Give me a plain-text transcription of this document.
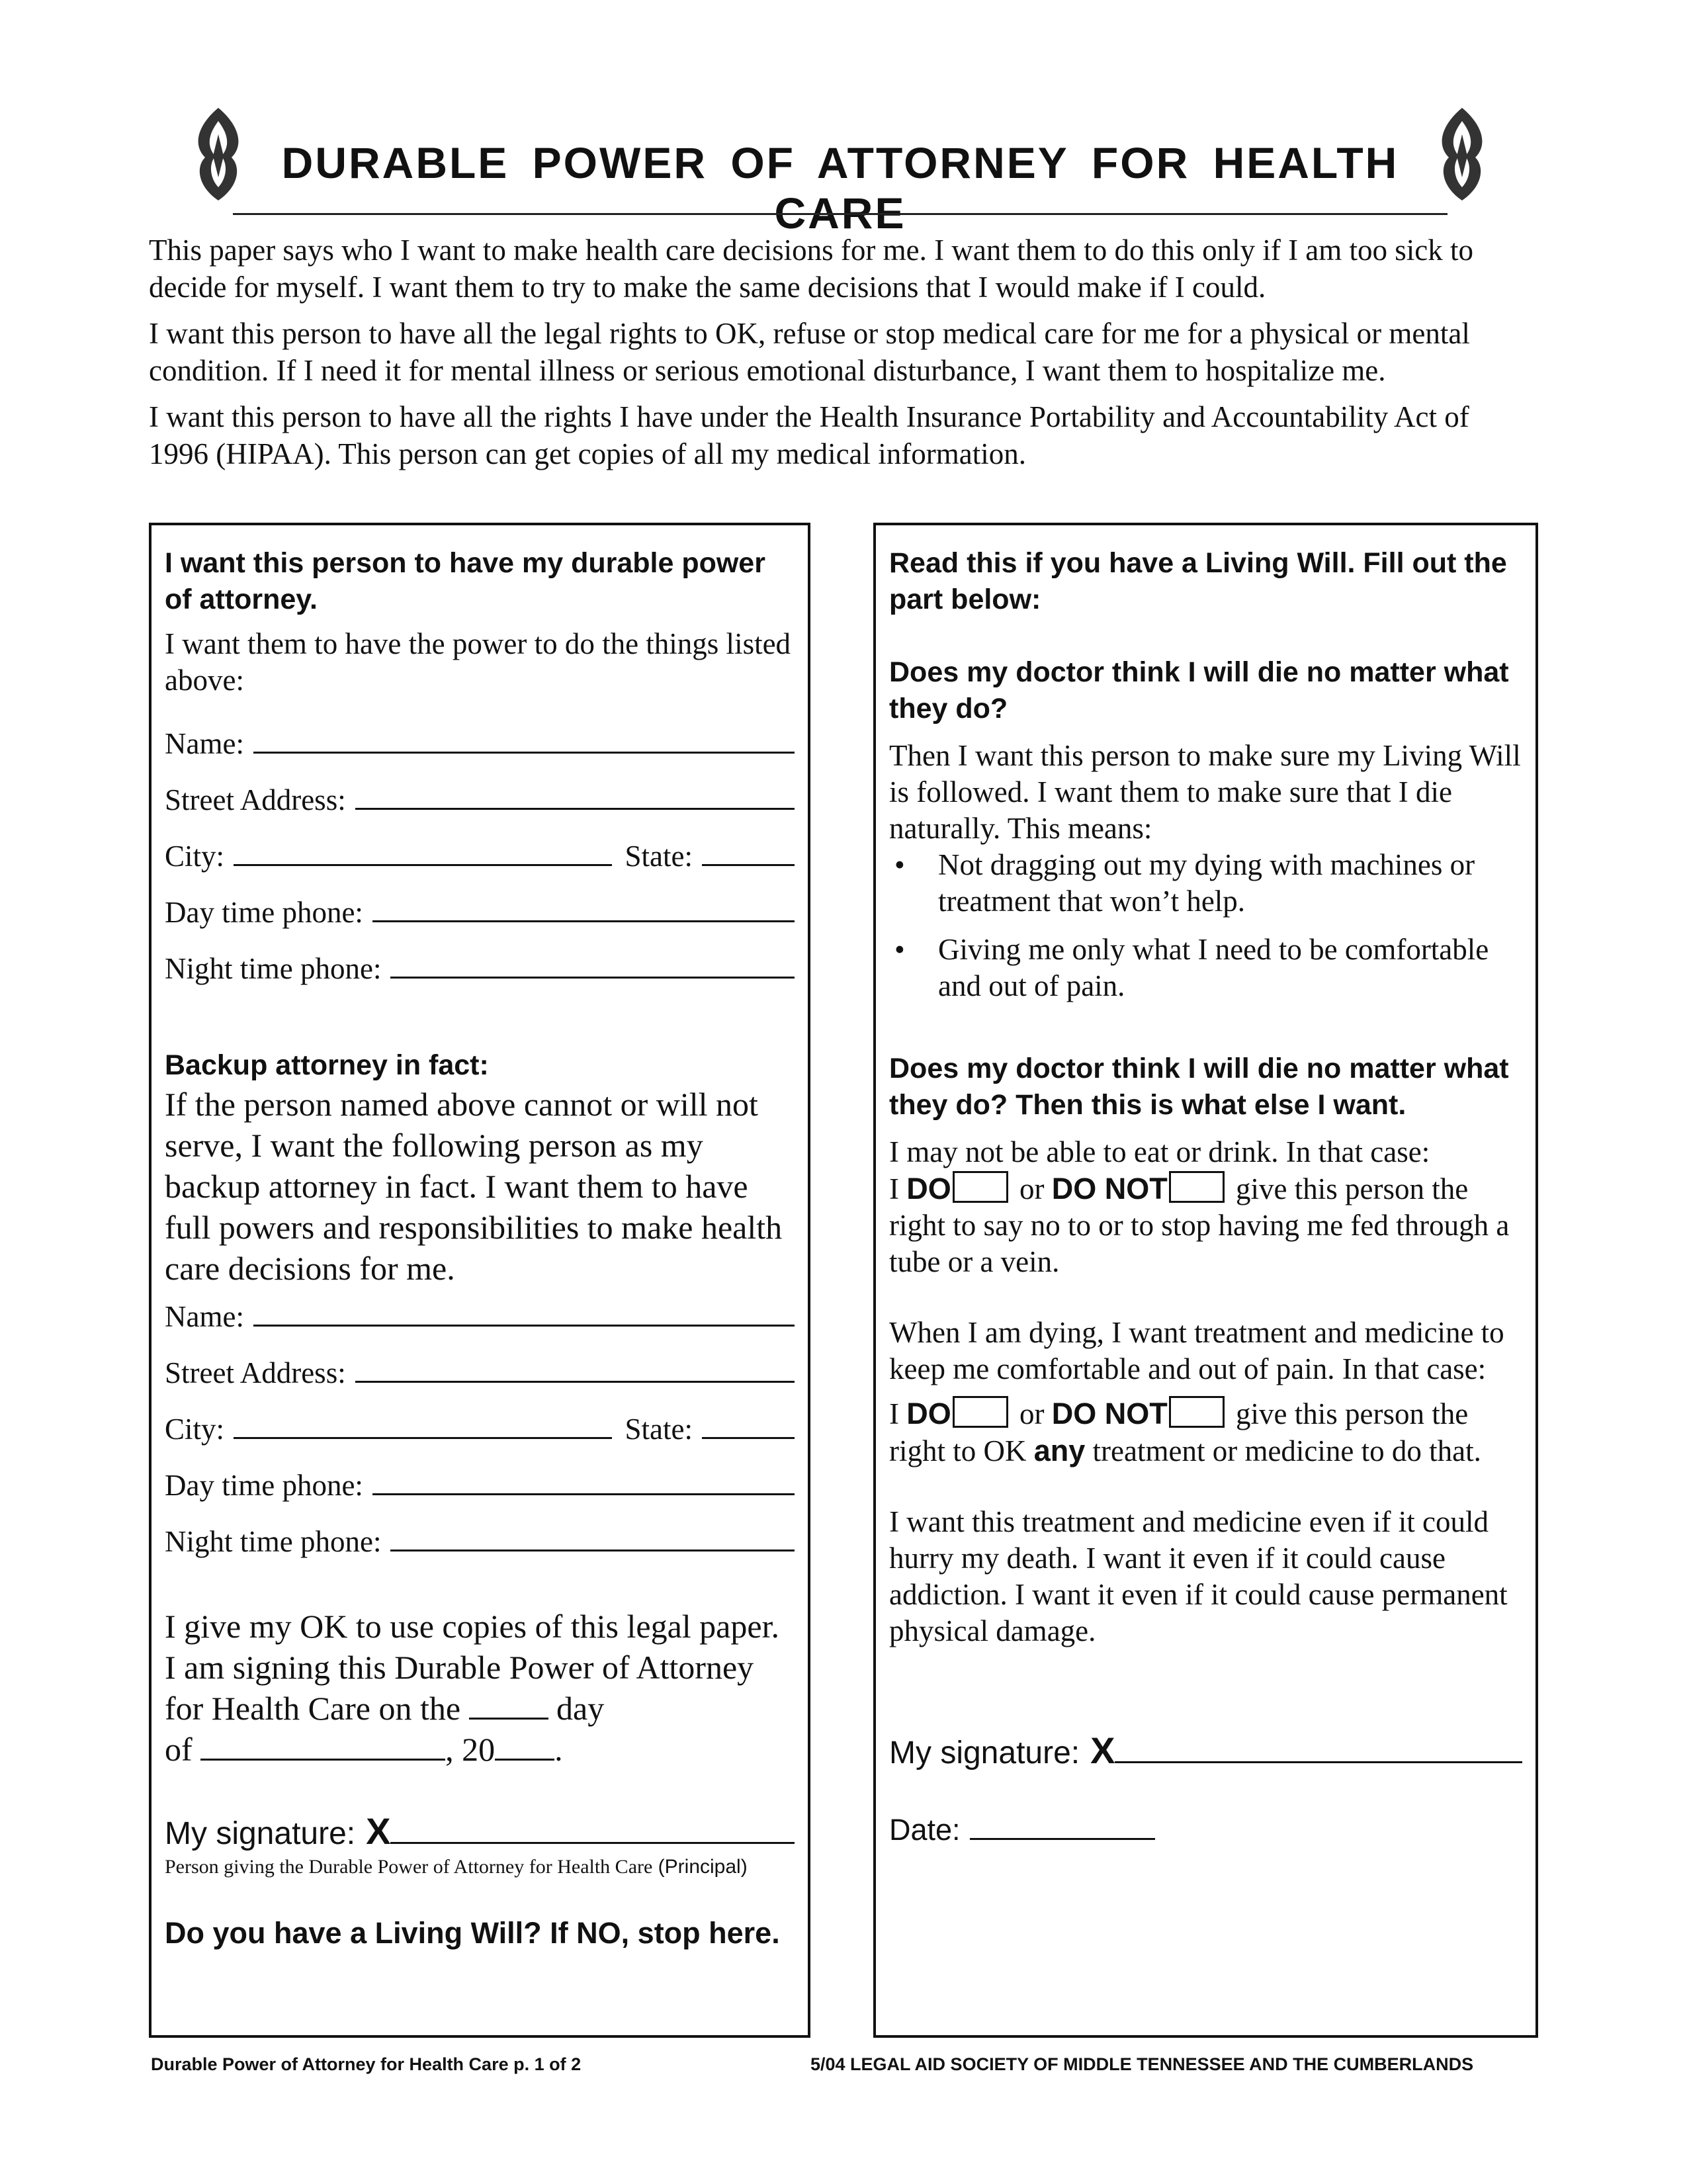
DURABLE POWER OF ATTORNEY FOR HEALTH CARE

This paper says who I want to make health care decisions for me. I want them to do this only if I am too sick to decide for myself. I want them to try to make the same decisions that I would make if I could.

I want this person to have all the legal rights to OK, refuse or stop medical care for me for a physical or mental condition. If I need it for mental illness or serious emotional disturbance, I want them to hospitalize me.

I want this person to have all the rights I have under the Health Insurance Portability and Accountability Act of 1996 (HIPAA). This person can get copies of all my medical information.

I want this person to have my durable power of attorney.
I want them to have the power to do the things listed above:
Name:
Street Address:
City:	State:
Day time phone:
Night time phone:
Backup attorney in fact:
If the person named above cannot or will not serve, I want the following person as my backup attorney in fact. I want them to have full powers and responsibilities to make health care decisions for me.
Name:
Street Address:
City:	State:
Day time phone:
Night time phone:
I give my OK to use copies of this legal paper. I am signing this Durable Power of Attorney for Health Care on the	day
of	, 20 .
My signature: X
Person giving the Durable Power of Attorney for Health Care (Principal)
Do you have a Living Will? If NO, stop here.
Read this if you have a Living Will. Fill out the part below:
Does my doctor think I will die no matter what they do?
Then I want this person to make sure my Living Will is followed. I want them to make sure that I die naturally. This means:
• Not dragging out my dying with machines or treatment that won’t help.
• Giving me only what I need to be comfortable and out of pain.
Does my doctor think I will die no matter what they do? Then this is what else I want.
I may not be able to eat or drink. In that case:
I DO or DO NOT give this person the right to say no to or to stop having me fed through a tube or a vein.
When I am dying, I want treatment and medicine to keep me comfortable and out of pain. In that case:
I DO or DO NOT give this person the right to OK any treatment or medicine to do that.
I want this treatment and medicine even if it could hurry my death. I want it even if it could cause addiction. I want it even if it could cause permanent physical damage.
My signature: X
Date:
Durable Power of Attorney for Health Care p. 1 of 2	5/04 LEGAL AID SOCIETY OF MIDDLE TENNESSEE AND THE CUMBERLANDS
